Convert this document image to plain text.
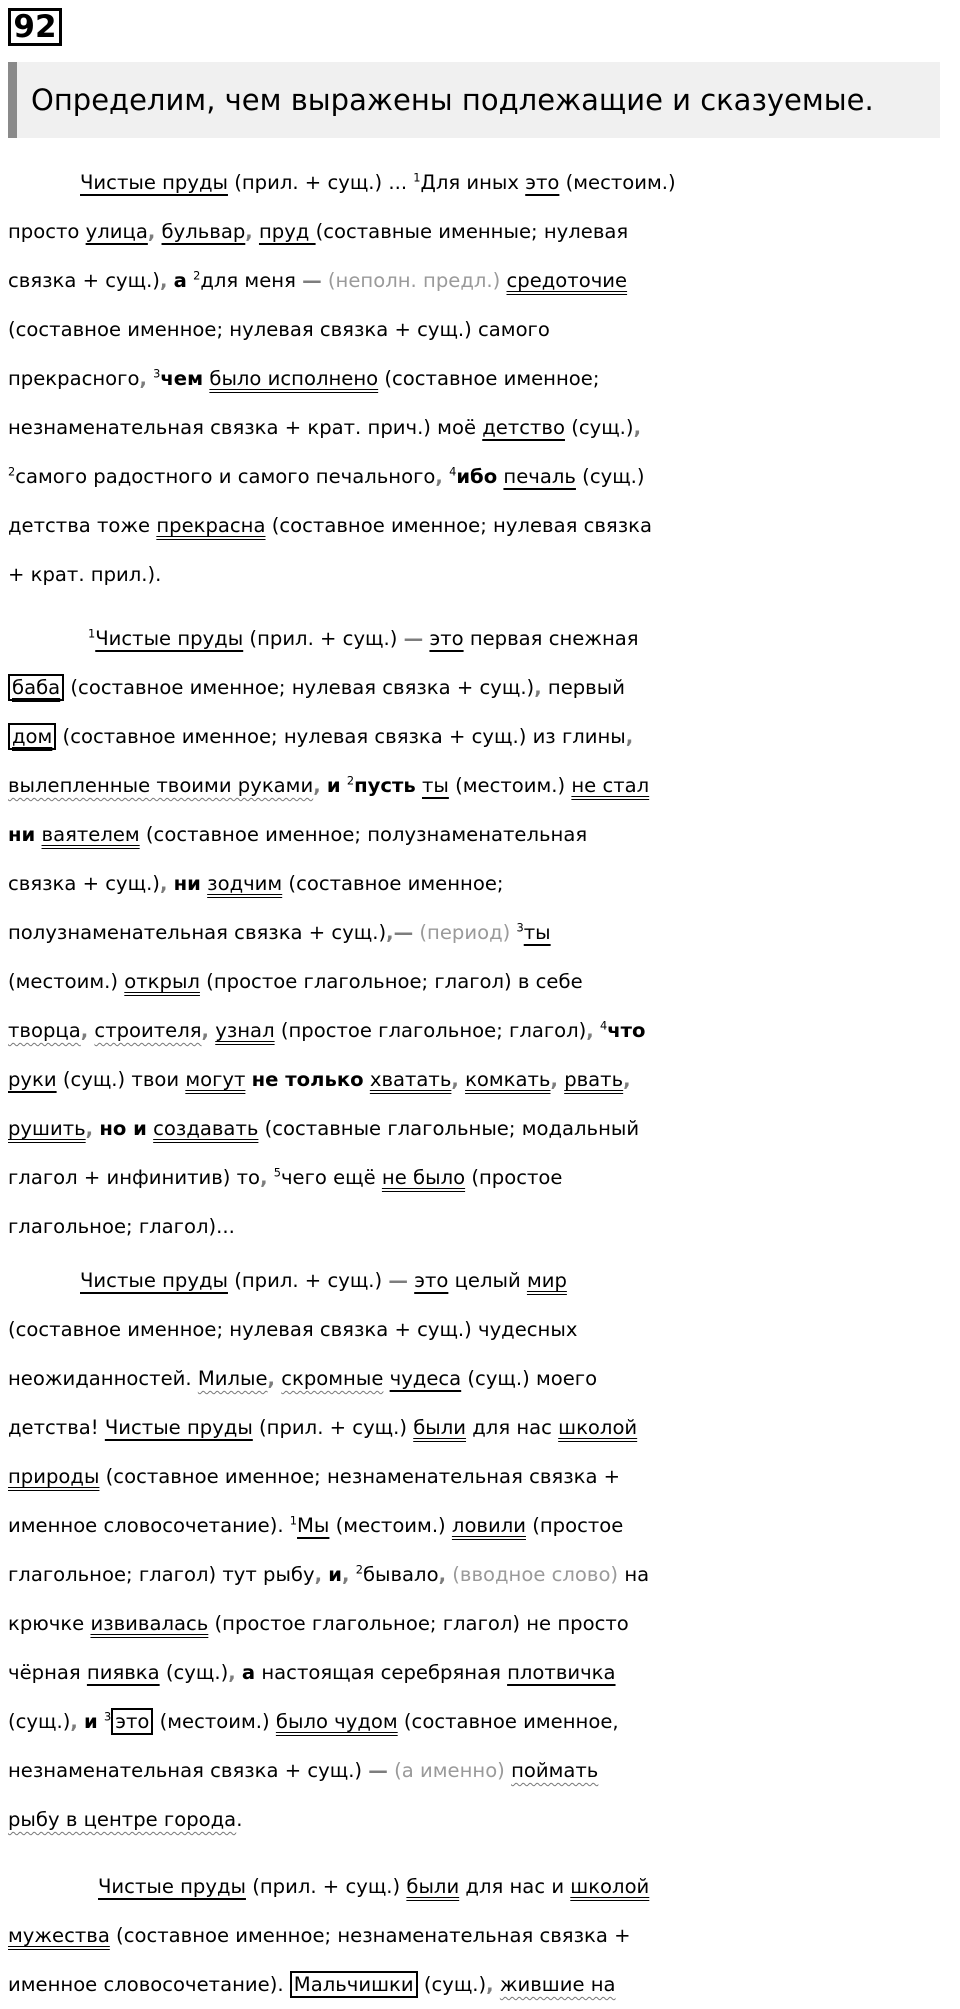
92
Определим, чем выражены подлежащие и сказуемые.
Чистые пруды (прил. + сущ.) ... $^1$Для иных это (местоим.)
просто улица, бульвар, пруд (составные именные; нулевая
связка + сущ.), а $^2$для меня — (неполн. предл.) средоточие
(составное именное; нулевая связка + сущ.) самого
прекрасного, $^3$чем было исполнено (составное именное;
незнаменательная связка + крат. прич.) моё детство (сущ.),
$^2$самого радостного и самого печального, $^4$ибо печаль (сущ.)
детства тоже прекрасна (составное именное; нулевая связка
+ крат. прил.).
$^1$Чистые пруды (прил. + сущ.) — это первая снежная
баба (составное именное; нулевая связка + сущ.), первый
дом (составное именное; нулевая связка + сущ.) из глины,
вылепленные твоими руками, и $^2$пусть ты (местоим.) не стал
ни ваятелем (составное именное; полузнаменательная
связка + сущ.), ни зодчим (составное именное;
полузнаменательная связка + сущ.),— (период) $^3$ты
(местоим.) открыл (простое глагольное; глагол) в себе
творца, строителя, узнал (простое глагольное; глагол), $^4$что
руки (сущ.) твои могут не только хватать, комкать, рвать,
рушить, но и создавать (составные глагольные; модальный
глагол + инфинитив) то, $^5$чего ещё не было (простое
глагольное; глагол)...
Чистые пруды (прил. + сущ.) — это целый мир
(составное именное; нулевая связка + сущ.) чудесных
неожиданностей. Милые, скромные чудеса (сущ.) моего
детства! Чистые пруды (прил. + сущ.) были для нас школой
природы (составное именное; незнаменательная связка +
именное словосочетание). $^1$Мы (местоим.) ловили (простое
глагольное; глагол) тут рыбу, и, $^2$бывало, (вводное слово) на
крючке извивалась (простое глагольное; глагол) не просто
чёрная пиявка (сущ.), а настоящая серебряная плотвичка
(сущ.), и $^3$ это (местоим.) было чудом (составное именное,
незнаменательная связка + сущ.) — (а именно) поймать
рыбу в центре города.
Чистые пруды (прил. + сущ.) были для нас и школой
мужества (составное именное; незнаменательная связка +
именное словосочетание). Мальчишки (сущ.), жившие на
